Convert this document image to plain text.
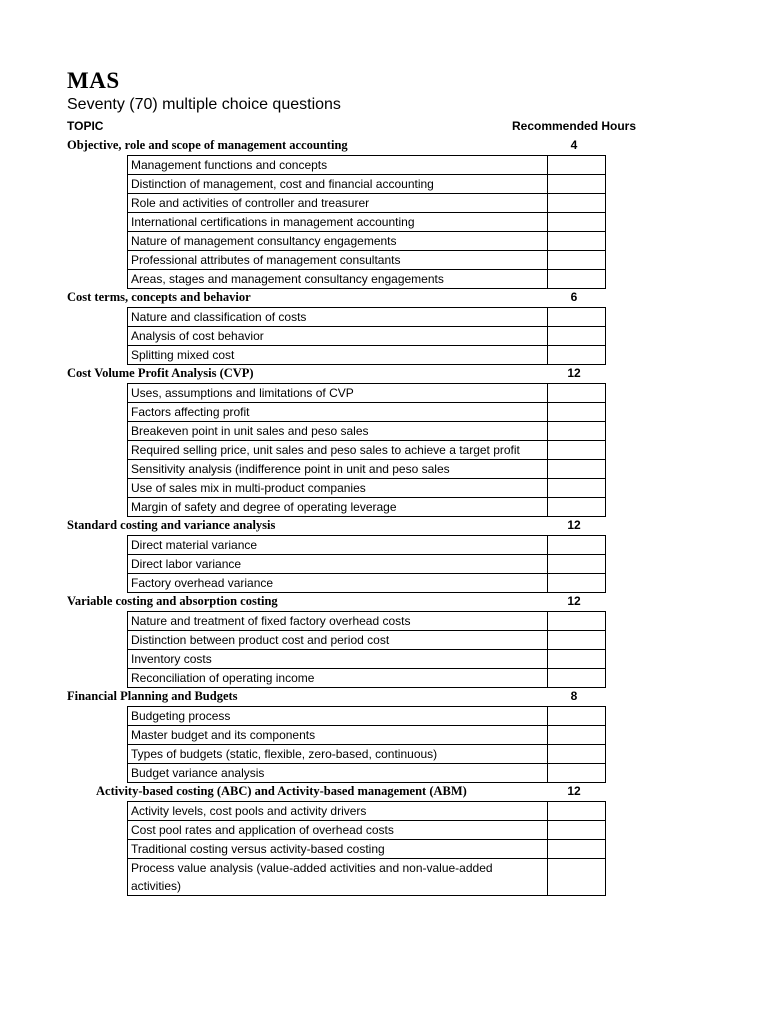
MAS
Seventy (70) multiple choice questions
TOPIC	Recommended Hours
Objective, role and scope of management accounting	4
Management functions and concepts	
Distinction of management, cost and financial accounting	
Role and activities of controller and treasurer	
International certifications in management accounting	
Nature of management consultancy engagements	
Professional attributes of management consultants	
Areas, stages and management consultancy engagements	
Cost terms, concepts and behavior	6
Nature and classification of costs	
Analysis of cost behavior	
Splitting mixed cost	
Cost Volume Profit Analysis (CVP)	12
Uses, assumptions and limitations of CVP	
Factors affecting profit	
Breakeven point in unit sales and peso sales	
Required selling price, unit sales and peso sales to achieve a target profit	
Sensitivity analysis (indifference point in unit and peso sales	
Use of sales mix in multi-product companies	
Margin of safety and degree of operating leverage	
Standard costing and variance analysis	12
Direct material variance	
Direct labor variance	
Factory overhead variance	
Variable costing and absorption costing	12
Nature and treatment of fixed factory overhead costs	
Distinction between product cost and period cost	
Inventory costs	
Reconciliation of operating income	
Financial Planning and Budgets	8
Budgeting process	
Master budget and its components	
Types of budgets (static, flexible, zero-based, continuous)	
Budget variance analysis	
Activity-based costing (ABC) and Activity-based management (ABM)	12
Activity levels, cost pools and activity drivers	
Cost pool rates and application of overhead costs	
Traditional costing versus activity-based costing	
Process value analysis (value-added activities and non-value-added activities)	
